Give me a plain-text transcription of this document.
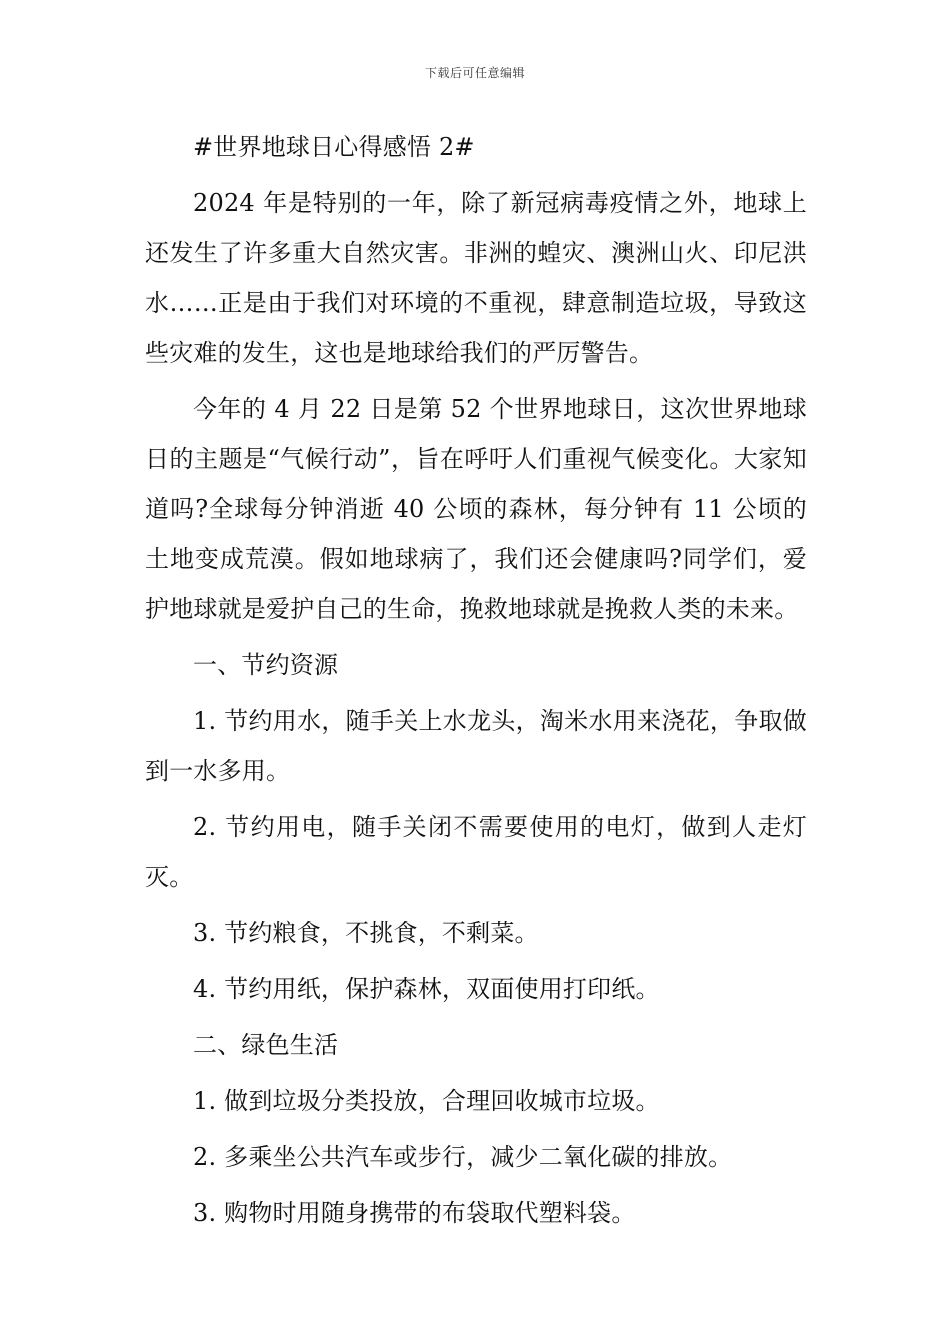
下载后可任意编辑

#世界地球日心得感悟 2#

2024 年是特别的一年，除了新冠病毒疫情之外，地球上还发生了许多重大自然灾害。非洲的蝗灾、澳洲山火、印尼洪水……正是由于我们对环境的不重视，肆意制造垃圾，导致这些灾难的发生，这也是地球给我们的严厉警告。

今年的 4 月 22 日是第 52 个世界地球日，这次世界地球日的主题是“气候行动”，旨在呼吁人们重视气候变化。大家知道吗?全球每分钟消逝 40 公顷的森林，每分钟有 11 公顷的土地变成荒漠。假如地球病了，我们还会健康吗?同学们，爱护地球就是爱护自己的生命，挽救地球就是挽救人类的未来。

一、节约资源

1. 节约用水，随手关上水龙头，淘米水用来浇花，争取做到一水多用。

2. 节约用电，随手关闭不需要使用的电灯，做到人走灯灭。

3. 节约粮食，不挑食，不剩菜。

4. 节约用纸，保护森林，双面使用打印纸。

二、绿色生活

1. 做到垃圾分类投放，合理回收城市垃圾。

2. 多乘坐公共汽车或步行，减少二氧化碳的排放。

3. 购物时用随身携带的布袋取代塑料袋。
